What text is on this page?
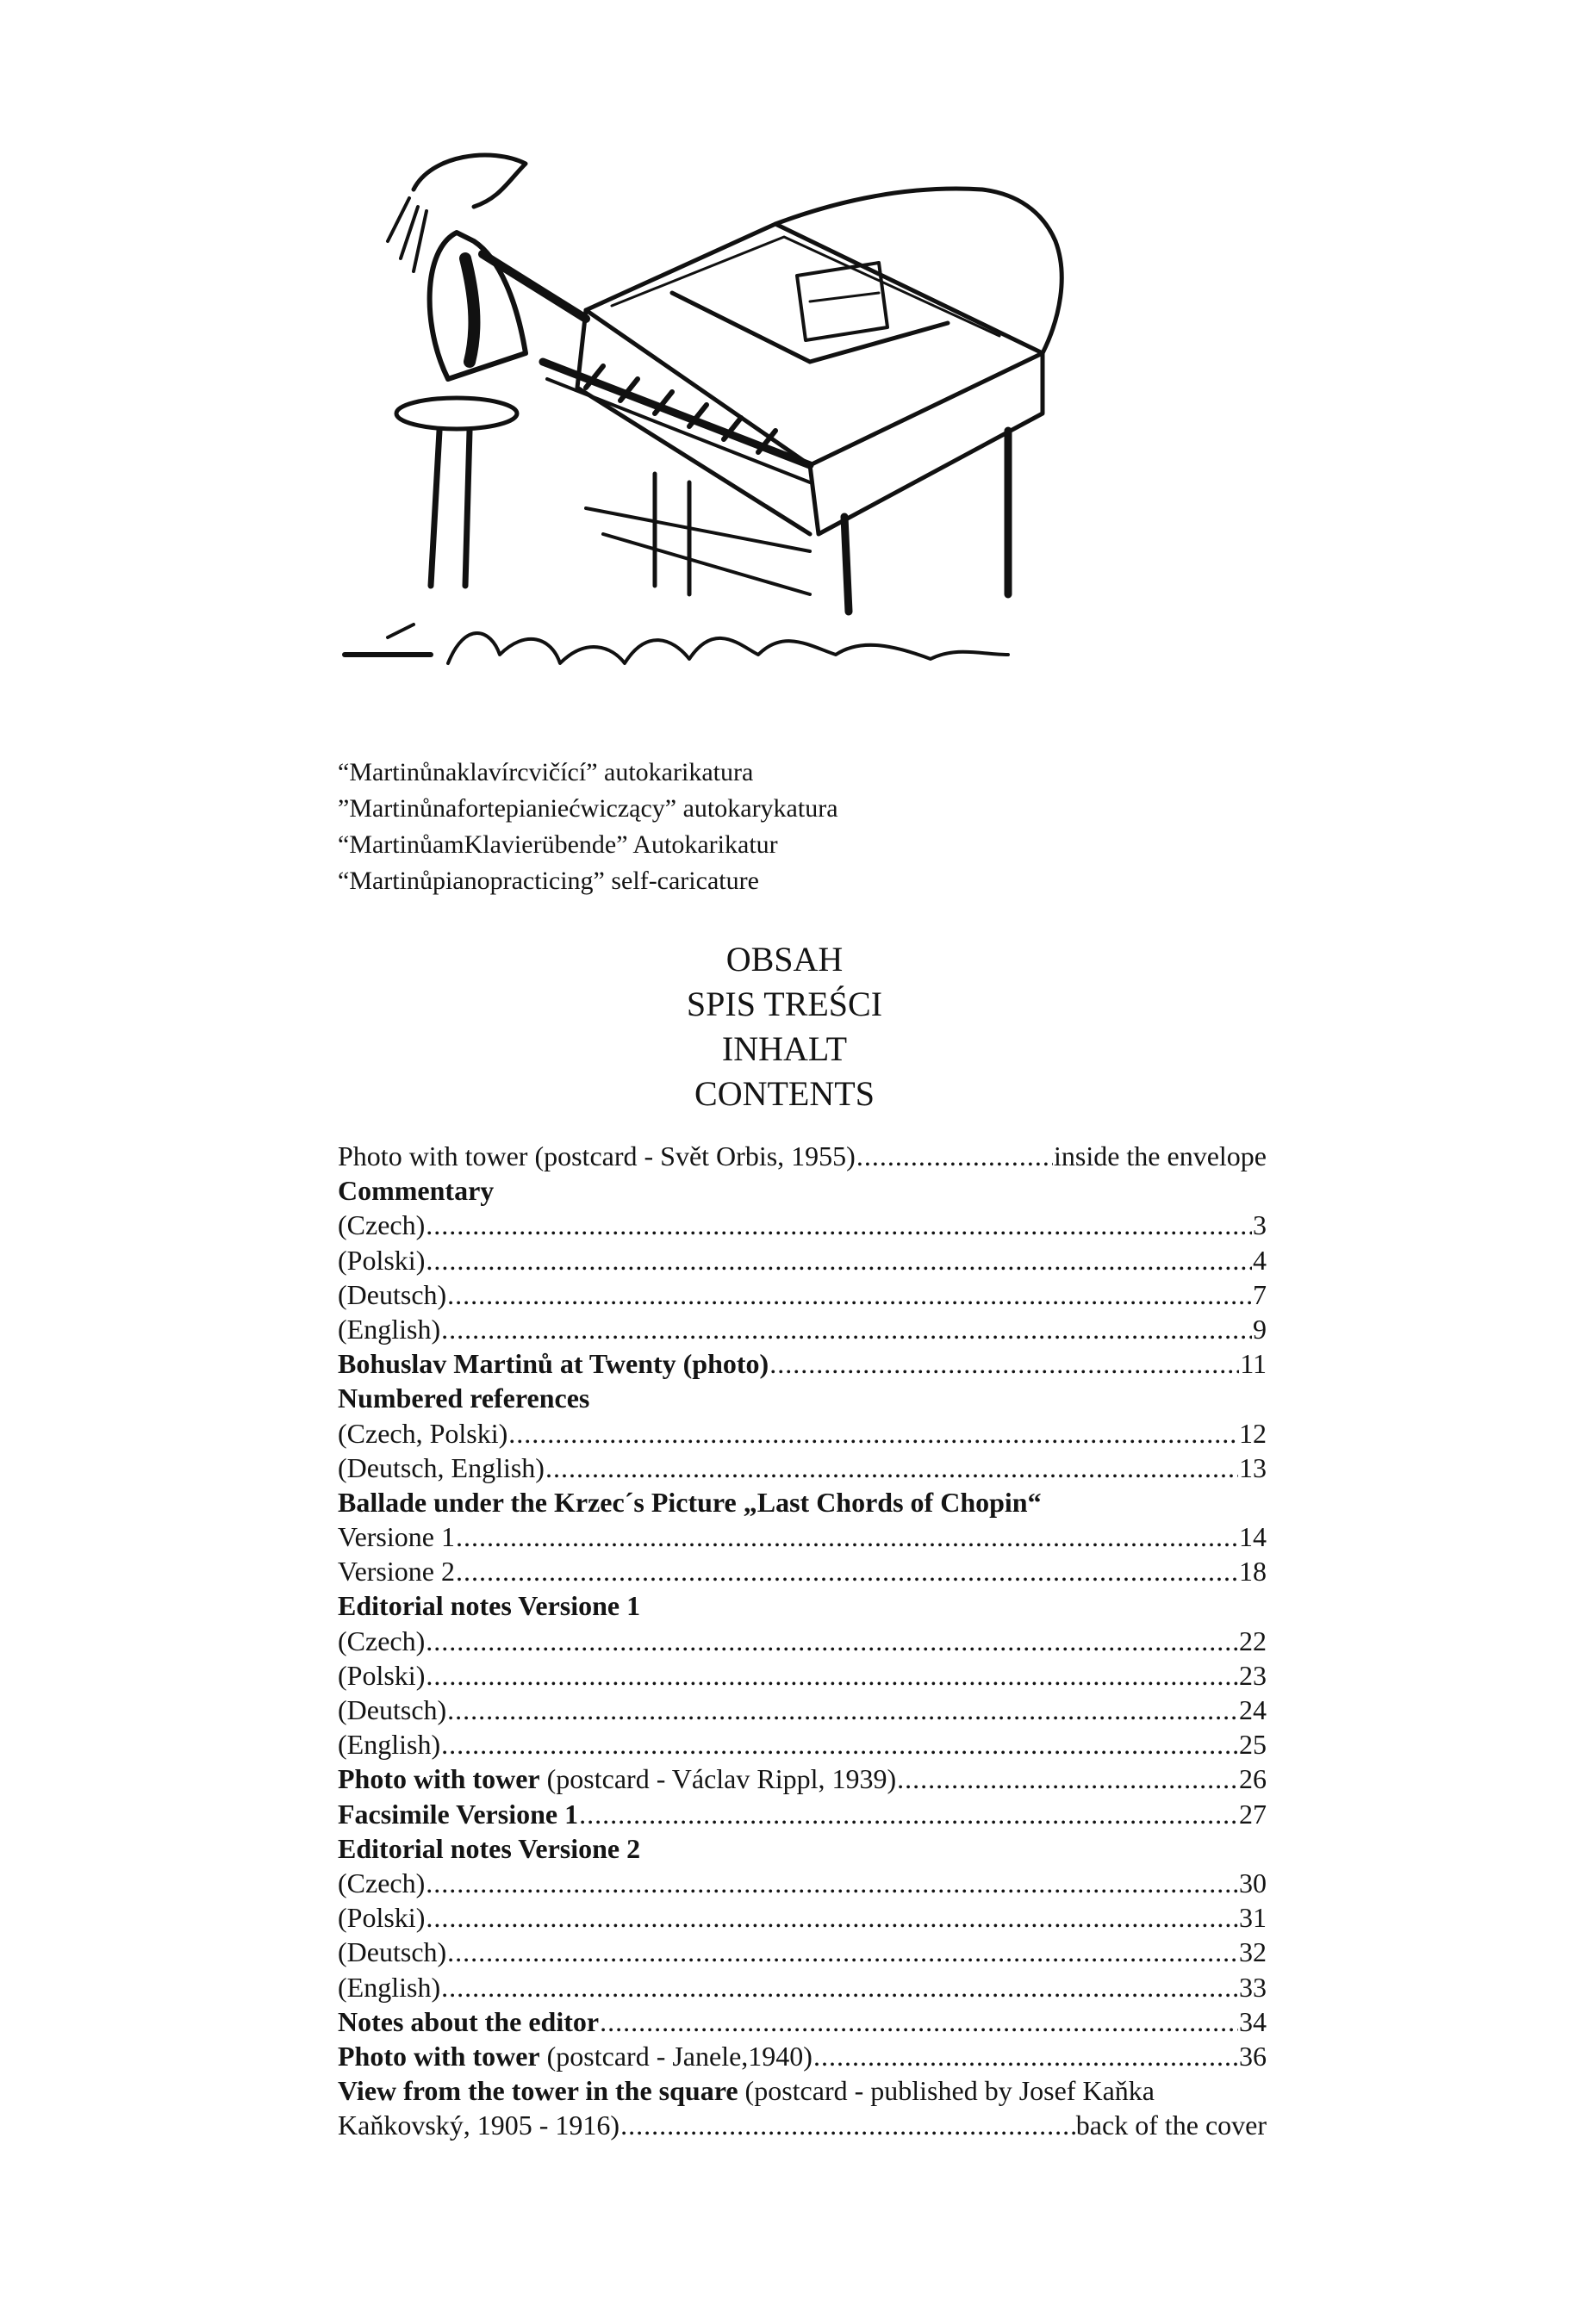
“Martinůnaklavírcvičící” autokarikatura
”Martinůnafortepianiećwiczący” autokarykatura
“MartinůamKlavierübende” Autokarikatur
“Martinůpianopracticing” self-caricature
OBSAH
SPIS TREŚCI
INHALT
CONTENTS
Photo with tower (postcard - Svět Orbis, 1955) .....	inside the envelope
Commentary
(Czech) .....	3
(Polski) .....	4
(Deutsch) .....	7
(English) .....	9
Bohuslav Martinů at Twenty (photo) .....	11
Numbered references
(Czech, Polski) .....	12
(Deutsch, English) .....	13
Ballade under the Krzec´s Picture „Last Chords of Chopin“
Versione 1 .....	14
Versione 2 .....	18
Editorial notes Versione 1
(Czech) .....	22
(Polski) .....	23
(Deutsch) .....	24
(English) .....	25
Photo with tower (postcard - Václav Rippl, 1939) .....	26
Facsimile Versione 1 .....	27
Editorial notes Versione 2
(Czech) .....	30
(Polski) .....	31
(Deutsch) .....	32
(English) .....	33
Notes about the editor .....	34
Photo with tower (postcard - Janele,1940) .....	36
View from the tower in the square (postcard - published by Josef Kaňka
Kaňkovský, 1905 - 1916) .....	back of the cover
